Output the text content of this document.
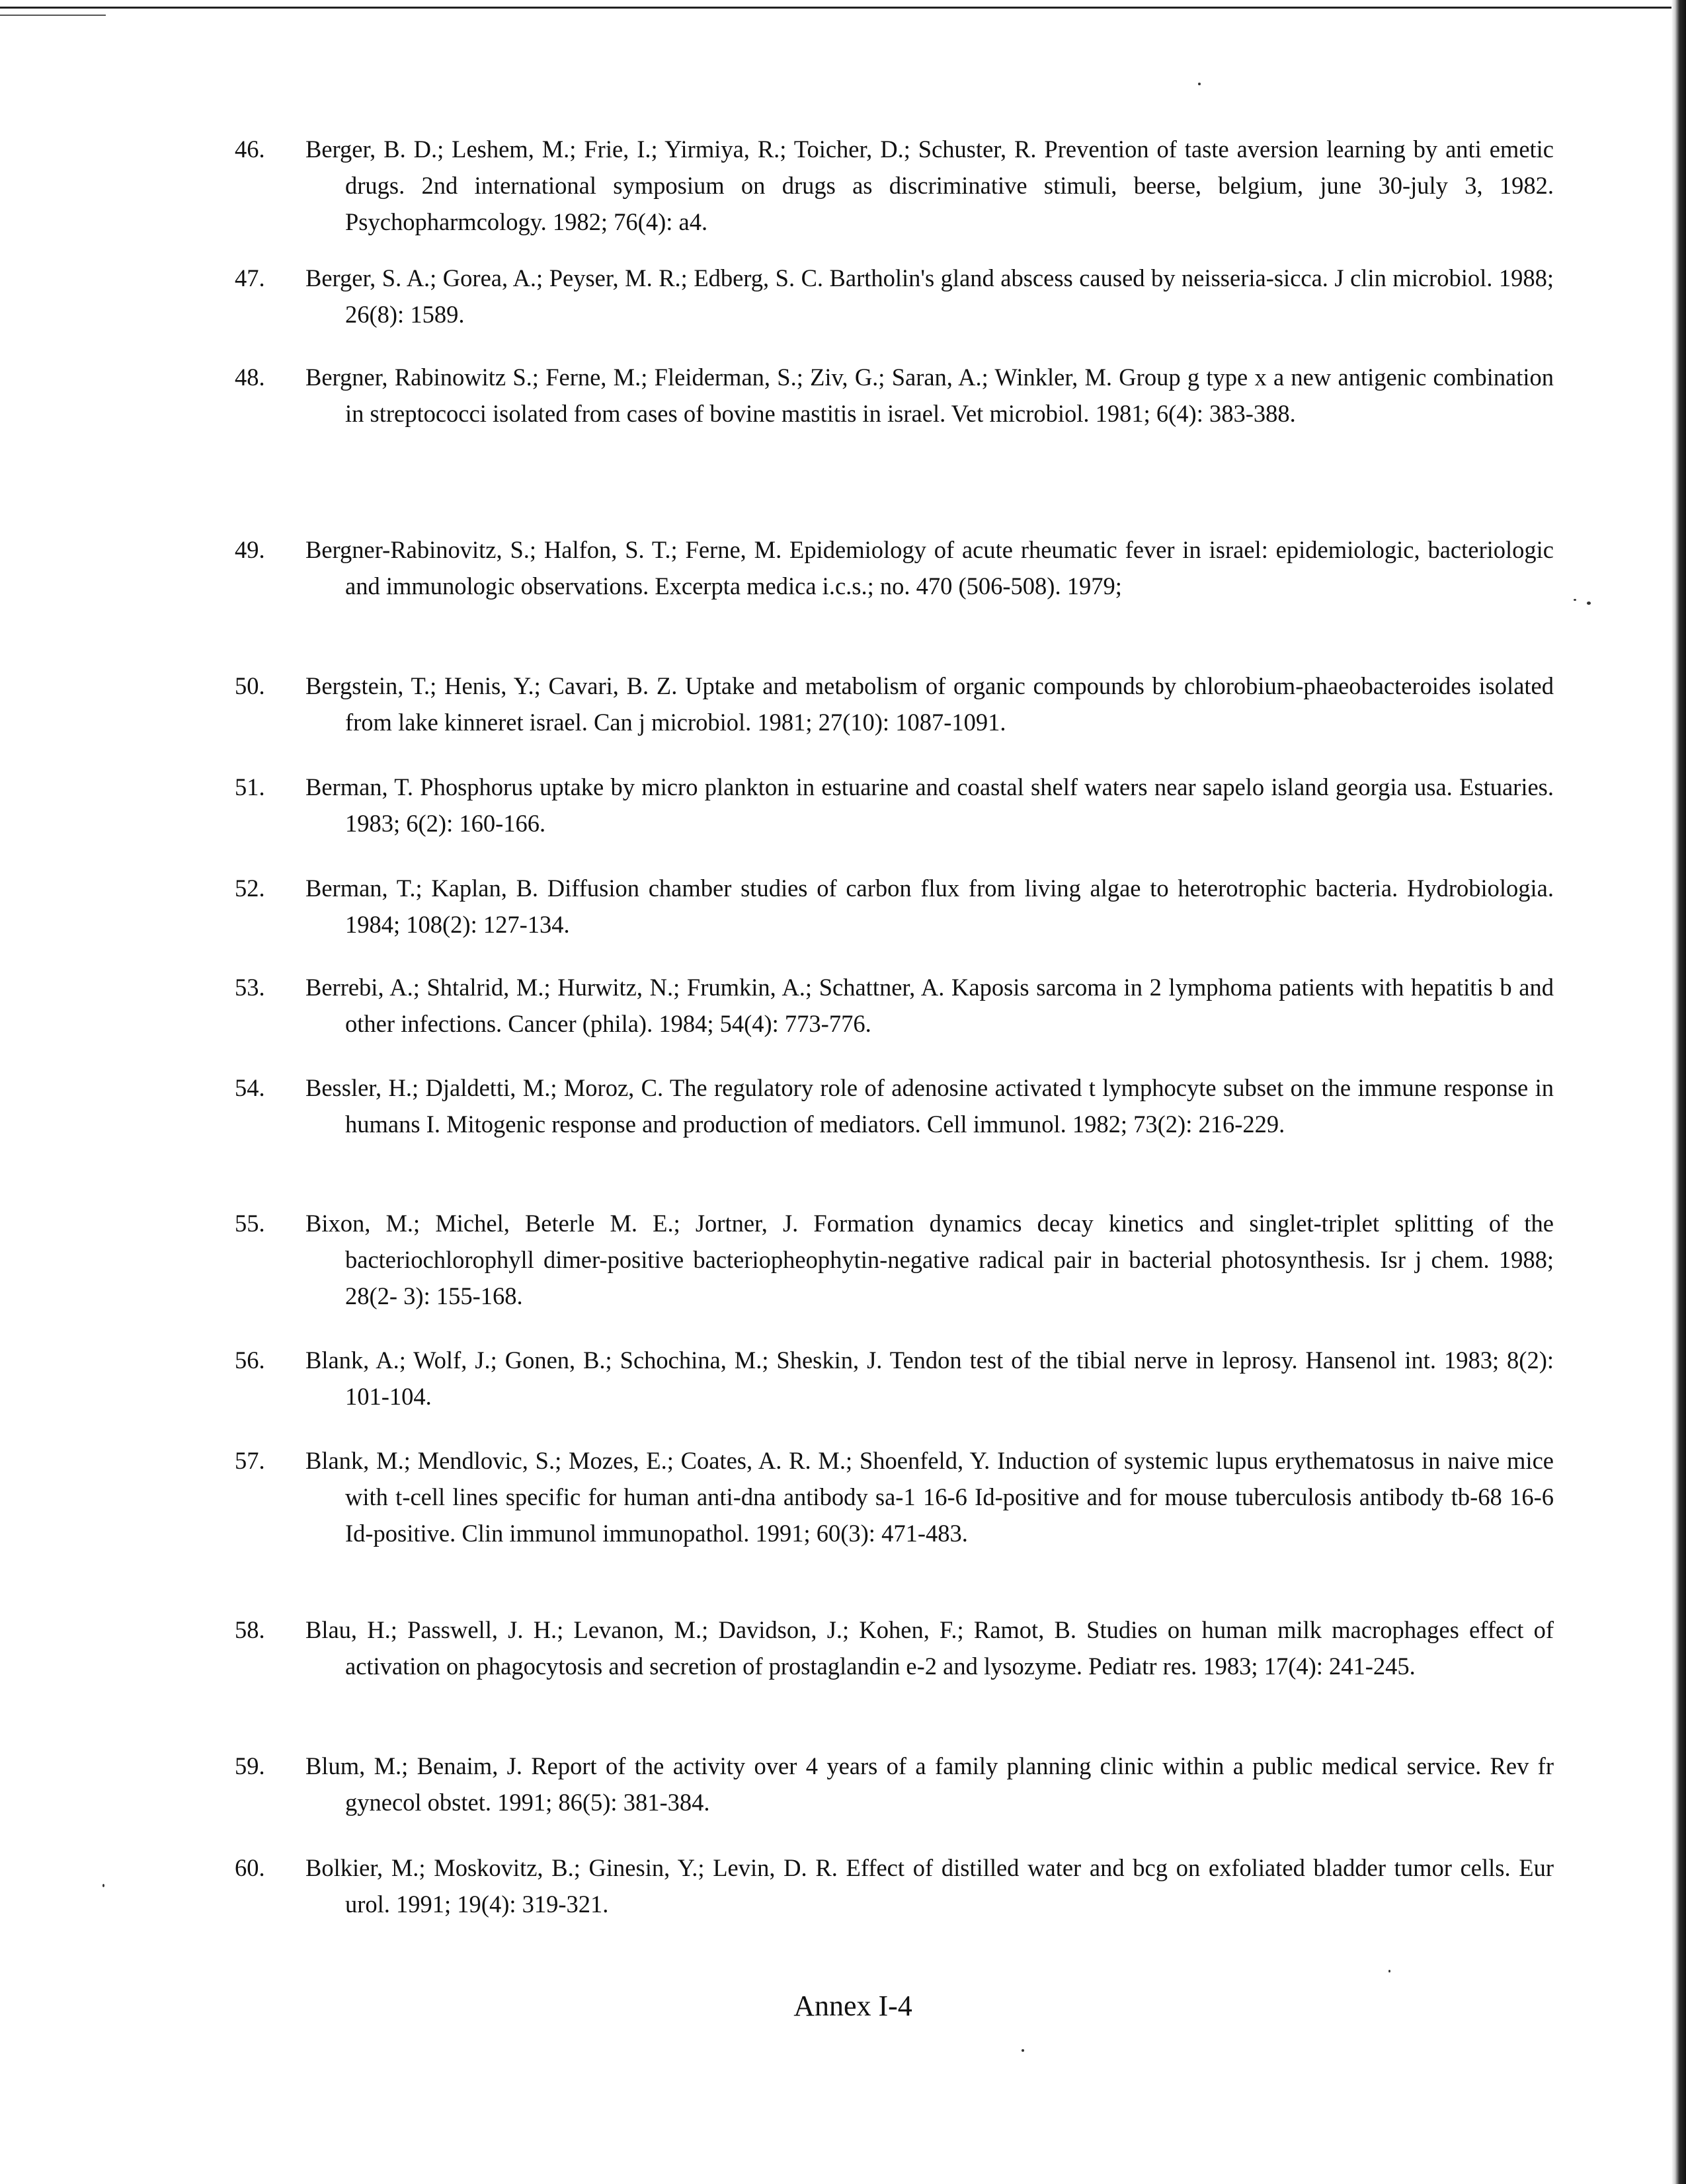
46.	Berger, B. D.; Leshem, M.; Frie, I.; Yirmiya, R.; Toicher, D.; Schuster, R. Prevention of taste aversion learning by anti emetic drugs. 2nd international symposium on drugs as discriminative stimuli, beerse, belgium, june 30-july 3, 1982. Psychopharmcology. 1982; 76(4): a4.
47.	Berger, S. A.; Gorea, A.; Peyser, M. R.; Edberg, S. C. Bartholin's gland abscess caused by neisseria-sicca. J clin microbiol. 1988; 26(8): 1589.
48.	Bergner, Rabinowitz S.; Ferne, M.; Fleiderman, S.; Ziv, G.; Saran, A.; Winkler, M. Group g type x a new antigenic combination in streptococci isolated from cases of bovine mastitis in israel. Vet microbiol. 1981; 6(4): 383-388.
49.	Bergner-Rabinovitz, S.; Halfon, S. T.; Ferne, M. Epidemiology of acute rheumatic fever in israel: epidemiologic, bacteriologic and immunologic observations. Excerpta medica i.c.s.; no. 470 (506-508). 1979;
50.	Bergstein, T.; Henis, Y.; Cavari, B. Z. Uptake and metabolism of organic compounds by chlorobium-phaeobacteroides isolated from lake kinneret israel. Can j microbiol. 1981; 27(10): 1087-1091.
51.	Berman, T. Phosphorus uptake by micro plankton in estuarine and coastal shelf waters near sapelo island georgia usa. Estuaries. 1983; 6(2): 160-166.
52.	Berman, T.; Kaplan, B. Diffusion chamber studies of carbon flux from living algae to heterotrophic bacteria. Hydrobiologia. 1984; 108(2): 127-134.
53.	Berrebi, A.; Shtalrid, M.; Hurwitz, N.; Frumkin, A.; Schattner, A. Kaposis sarcoma in 2 lymphoma patients with hepatitis b and other infections. Cancer (phila). 1984; 54(4): 773-776.
54.	Bessler, H.; Djaldetti, M.; Moroz, C. The regulatory role of adenosine activated t lymphocyte subset on the immune response in humans I. Mitogenic response and production of mediators. Cell immunol. 1982; 73(2): 216-229.
55.	Bixon, M.; Michel, Beterle M. E.; Jortner, J. Formation dynamics decay kinetics and singlet-triplet splitting of the bacteriochlorophyll dimer-positive bacteriopheophytin-negative radical pair in bacterial photosynthesis. Isr j chem. 1988; 28(2- 3): 155-168.
56.	Blank, A.; Wolf, J.; Gonen, B.; Schochina, M.; Sheskin, J. Tendon test of the tibial nerve in leprosy. Hansenol int. 1983; 8(2): 101-104.
57.	Blank, M.; Mendlovic, S.; Mozes, E.; Coates, A. R. M.; Shoenfeld, Y. Induction of systemic lupus erythematosus in naive mice with t-cell lines specific for human anti-dna antibody sa-1 16-6 Id-positive and for mouse tuberculosis antibody tb-68 16-6 Id-positive. Clin immunol immunopathol. 1991; 60(3): 471-483.
58.	Blau, H.; Passwell, J. H.; Levanon, M.; Davidson, J.; Kohen, F.; Ramot, B. Studies on human milk macrophages effect of activation on phagocytosis and secretion of prostaglandin e-2 and lysozyme. Pediatr res. 1983; 17(4): 241-245.
59.	Blum, M.; Benaim, J. Report of the activity over 4 years of a family planning clinic within a public medical service. Rev fr gynecol obstet. 1991; 86(5): 381-384.
60.	Bolkier, M.; Moskovitz, B.; Ginesin, Y.; Levin, D. R. Effect of distilled water and bcg on exfoliated bladder tumor cells. Eur urol. 1991; 19(4): 319-321.
Annex I-4
